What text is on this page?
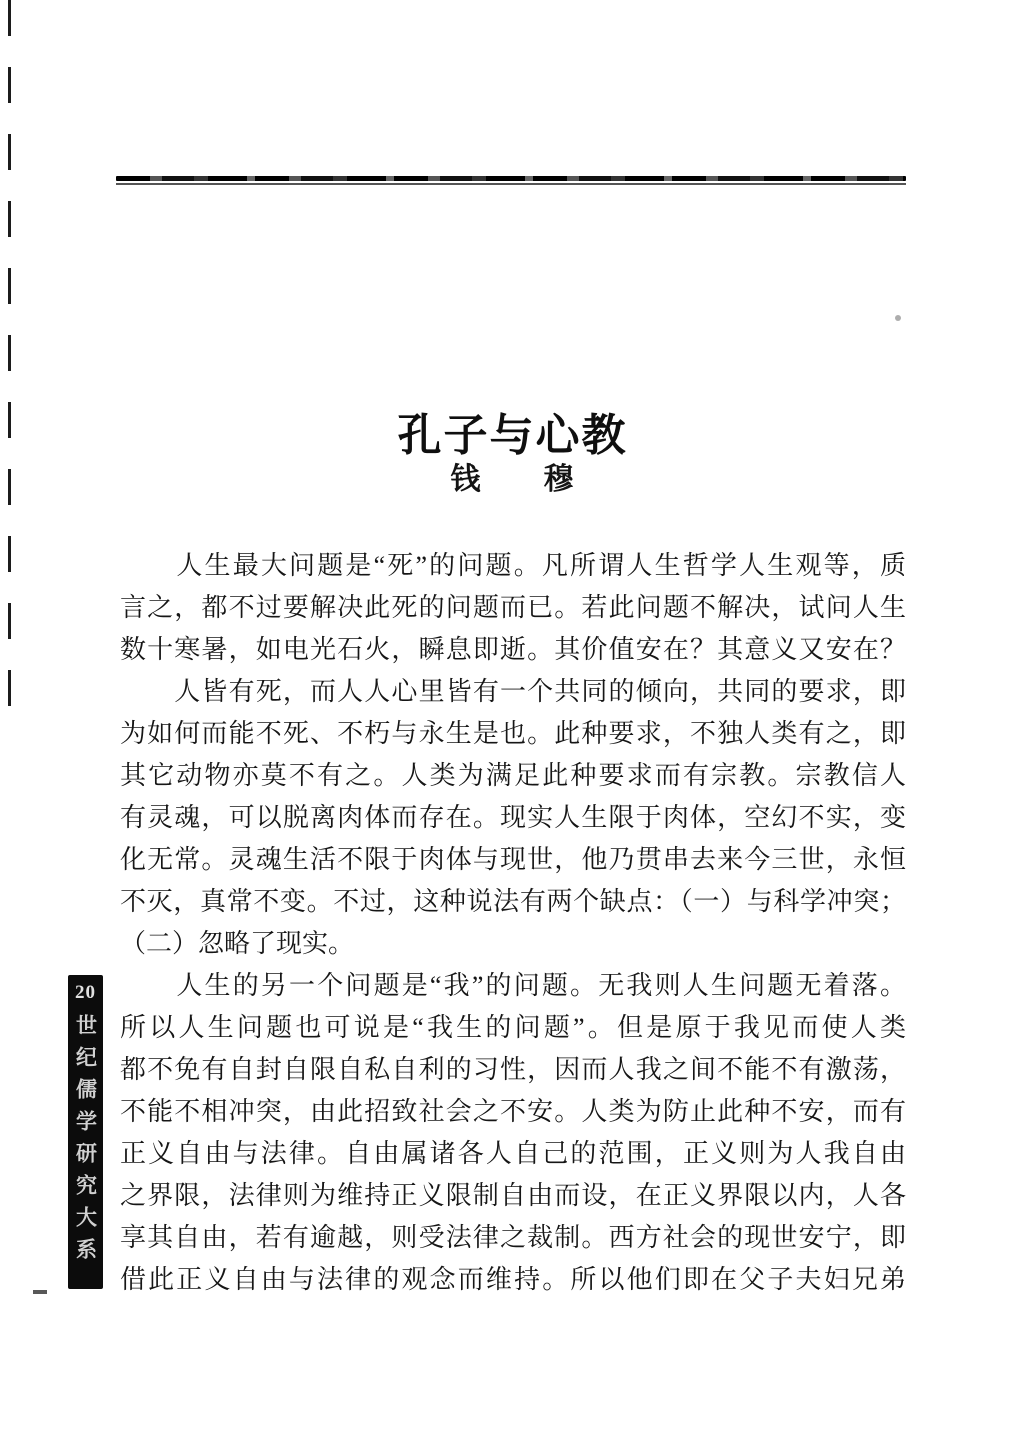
孔子与心教
钱　　穆
　　人生最大问题是“死”的问题。凡所谓人生哲学人生观等，质
言之，都不过要解决此死的问题而已。若此问题不解决，试问人生
数十寒暑，如电光石火，瞬息即逝。其价值安在？其意义又安在？
　　人皆有死，而人人心里皆有一个共同的倾向，共同的要求，即
为如何而能不死、不朽与永生是也。此种要求，不独人类有之，即
其它动物亦莫不有之。人类为满足此种要求而有宗教。宗教信人
有灵魂，可以脱离肉体而存在。现实人生限于肉体，空幻不实，变
化无常。灵魂生活不限于肉体与现世，他乃贯串去来今三世，永恒
不灭，真常不变。不过，这种说法有两个缺点：（一）与科学冲突；
（二）忽略了现实。
　　人生的另一个问题是“我”的问题。无我则人生问题无着落。
所以人生问题也可说是“我生的问题”。但是原于我见而使人类
都不免有自封自限自私自利的习性，因而人我之间不能不有激荡，
不能不相冲突，由此招致社会之不安。人类为防止此种不安，而有
正义自由与法律。自由属诸各人自己的范围，正义则为人我自由
之界限，法律则为维持正义限制自由而设，在正义界限以内，人各
享其自由，若有逾越，则受法律之裁制。西方社会的现世安宁，即
借此正义自由与法律的观念而维持。所以他们即在父子夫妇兄弟
20
世纪儒学研究大系
